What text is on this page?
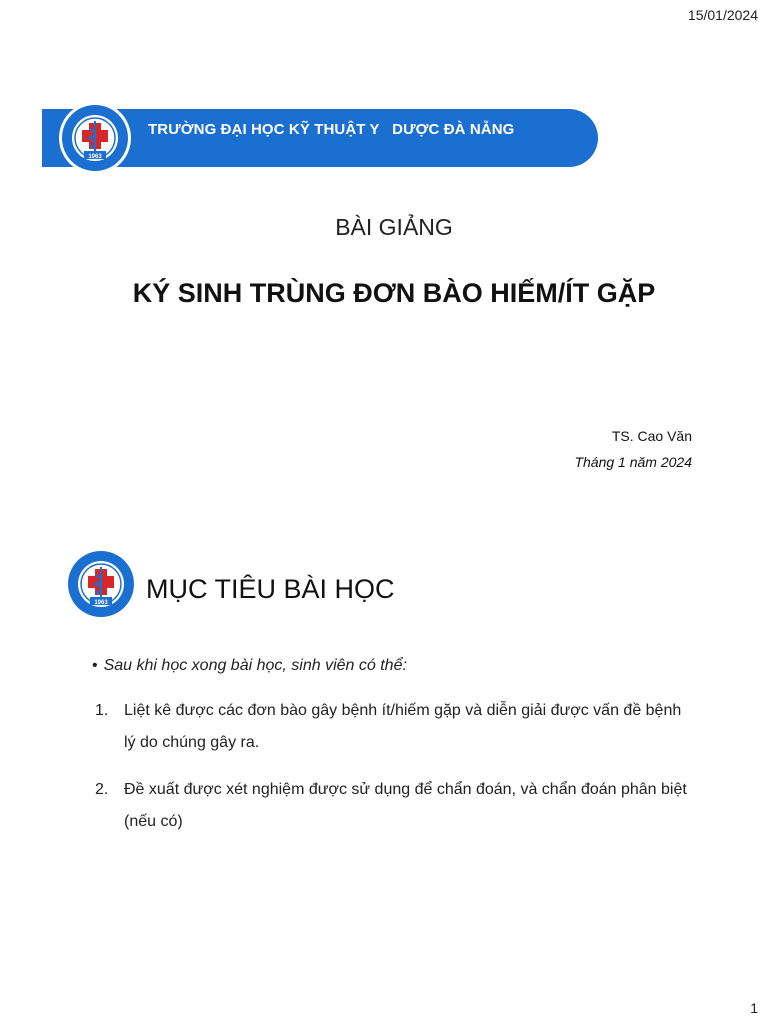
15/01/2024
TRƯỜNG ĐẠI HỌC KỸ THUẬT Y   DƯỢC ĐÀ NẴNG
1963
BÀI GIẢNG
KÝ SINH TRÙNG ĐƠN BÀO HIẾM/ÍT GẶP
TS. Cao Văn
Tháng 1 năm 2024
1963 MỤC TIÊU BÀI HỌC
• Sau khi học xong bài học, sinh viên có thể:
1. Liệt kê được các đơn bào gây bệnh ít/hiếm gặp và diễn giải được vấn đề bệnh lý do chúng gây ra.
2. Đề xuất được xét nghiệm được sử dụng để chẩn đoán, và chẩn đoán phân biệt (nếu có)
1
